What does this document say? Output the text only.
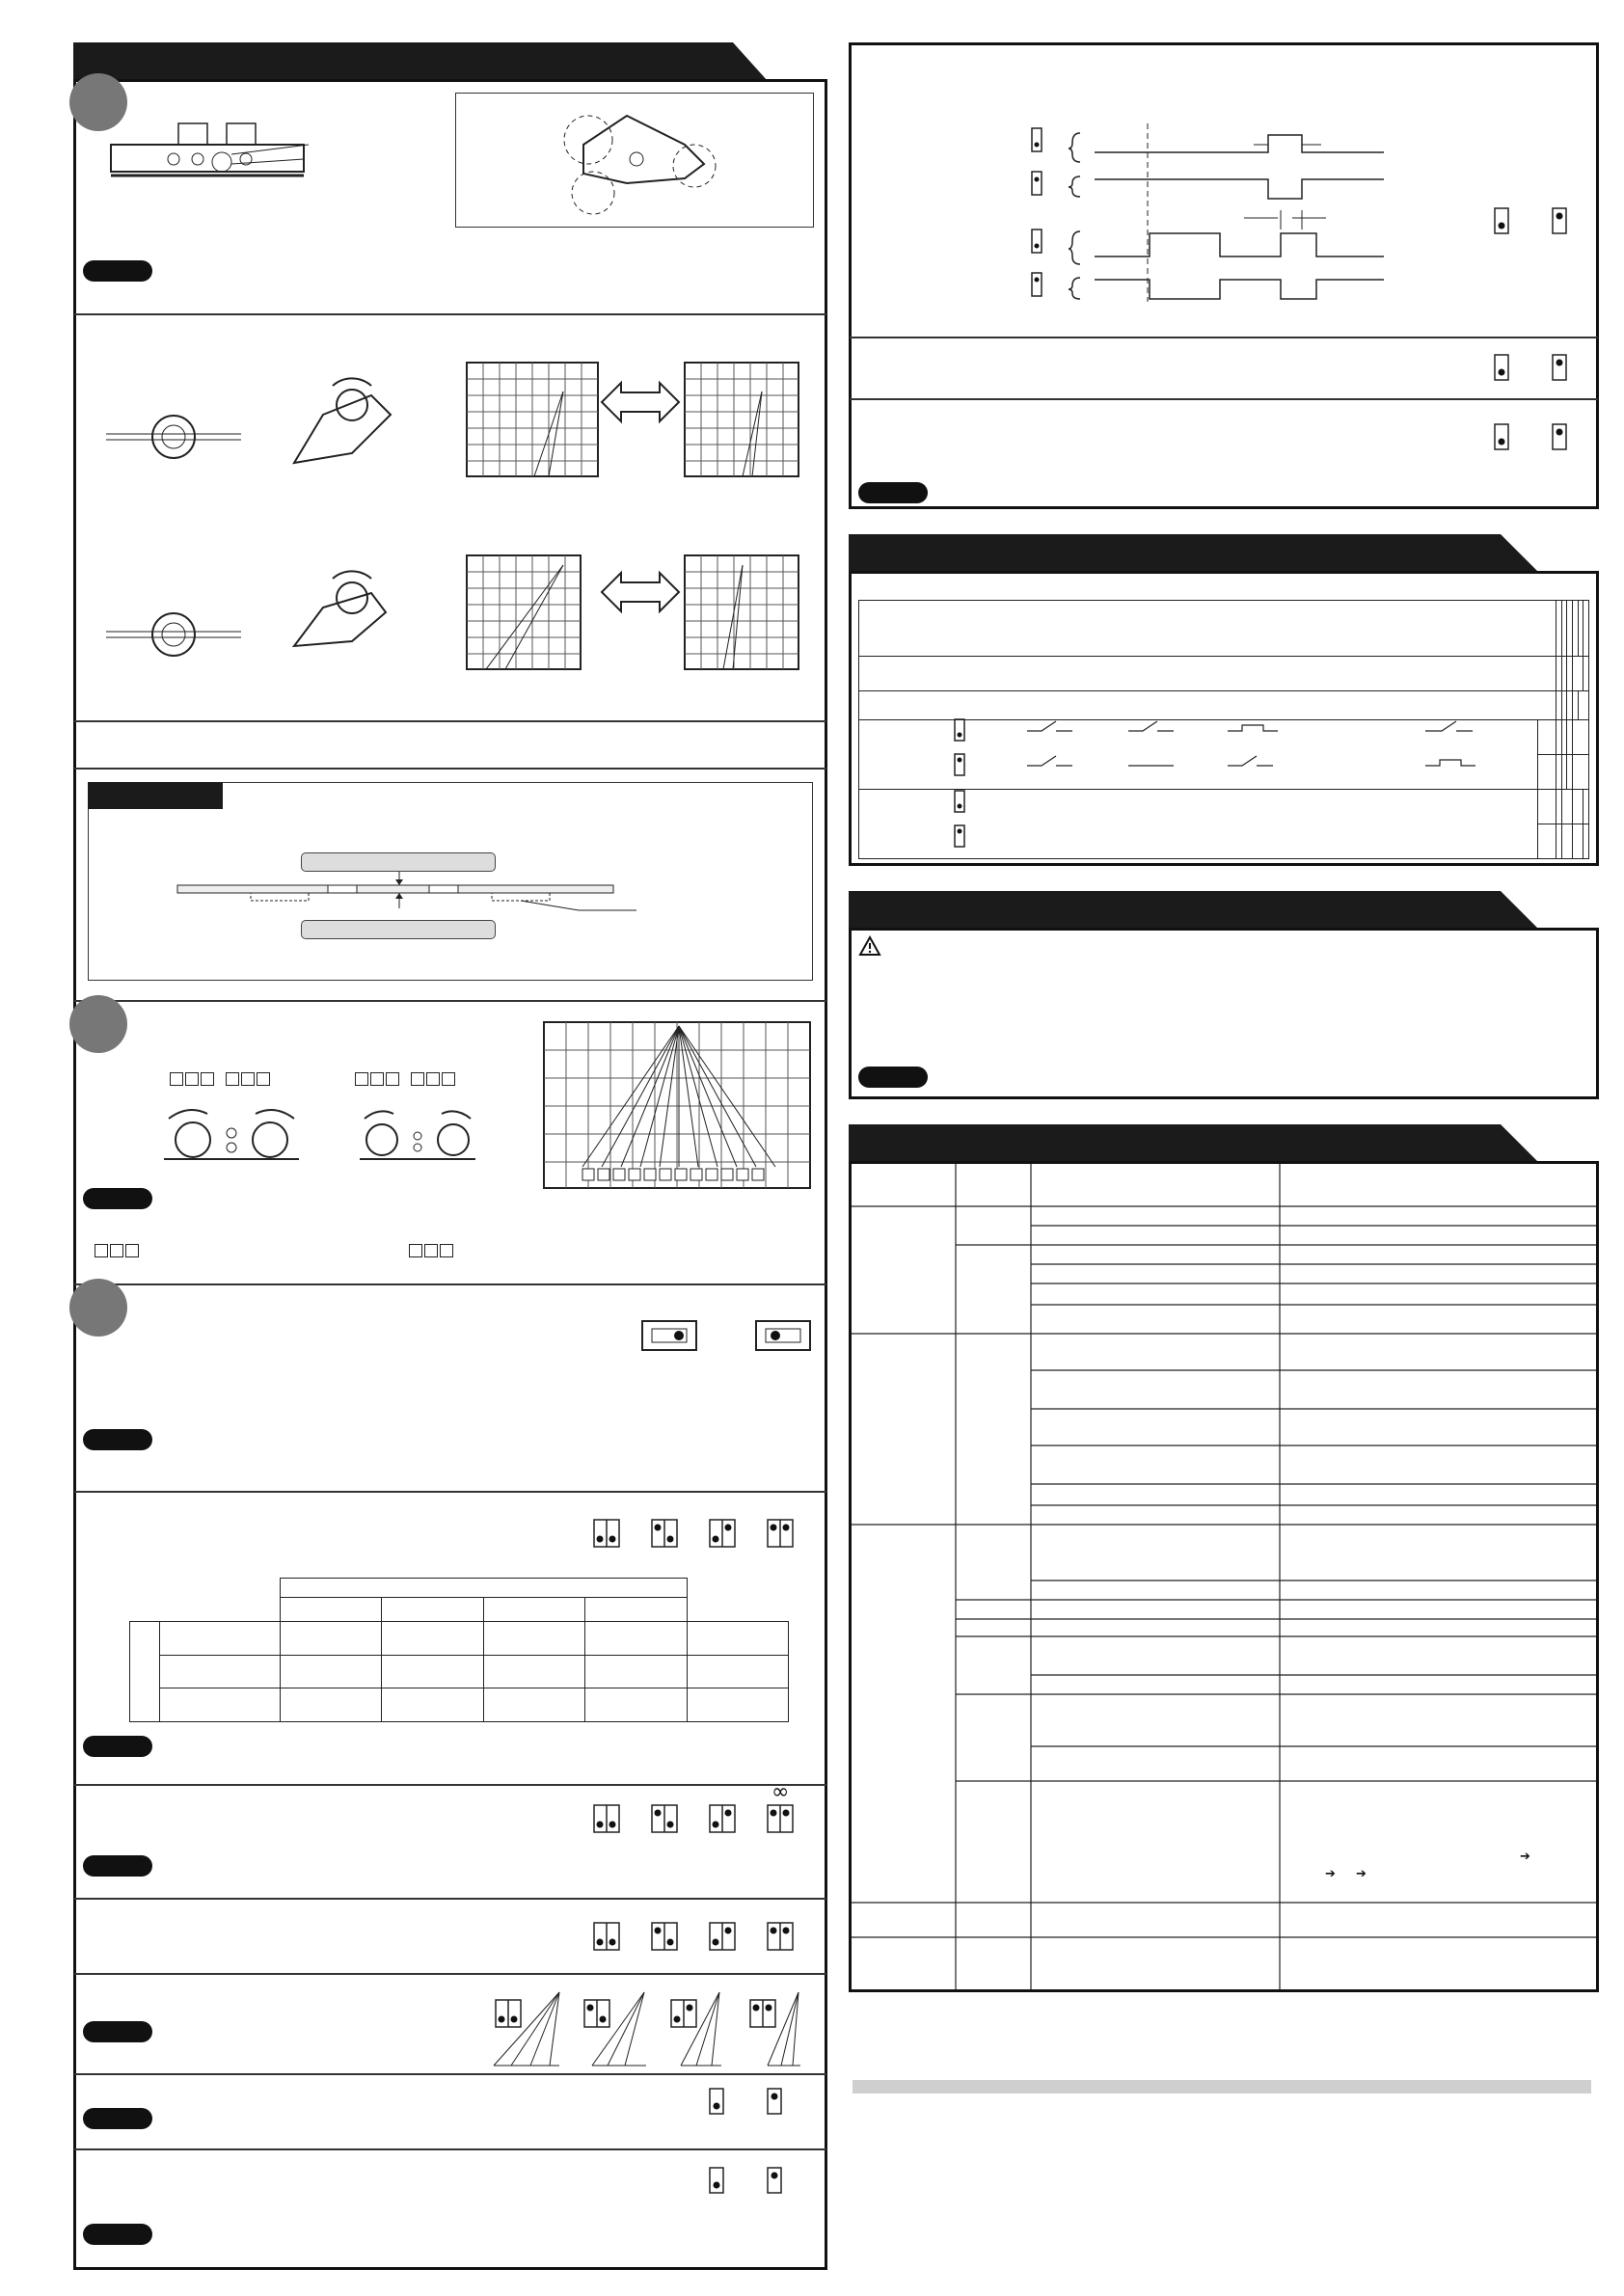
∞

➔
➔ ➔
